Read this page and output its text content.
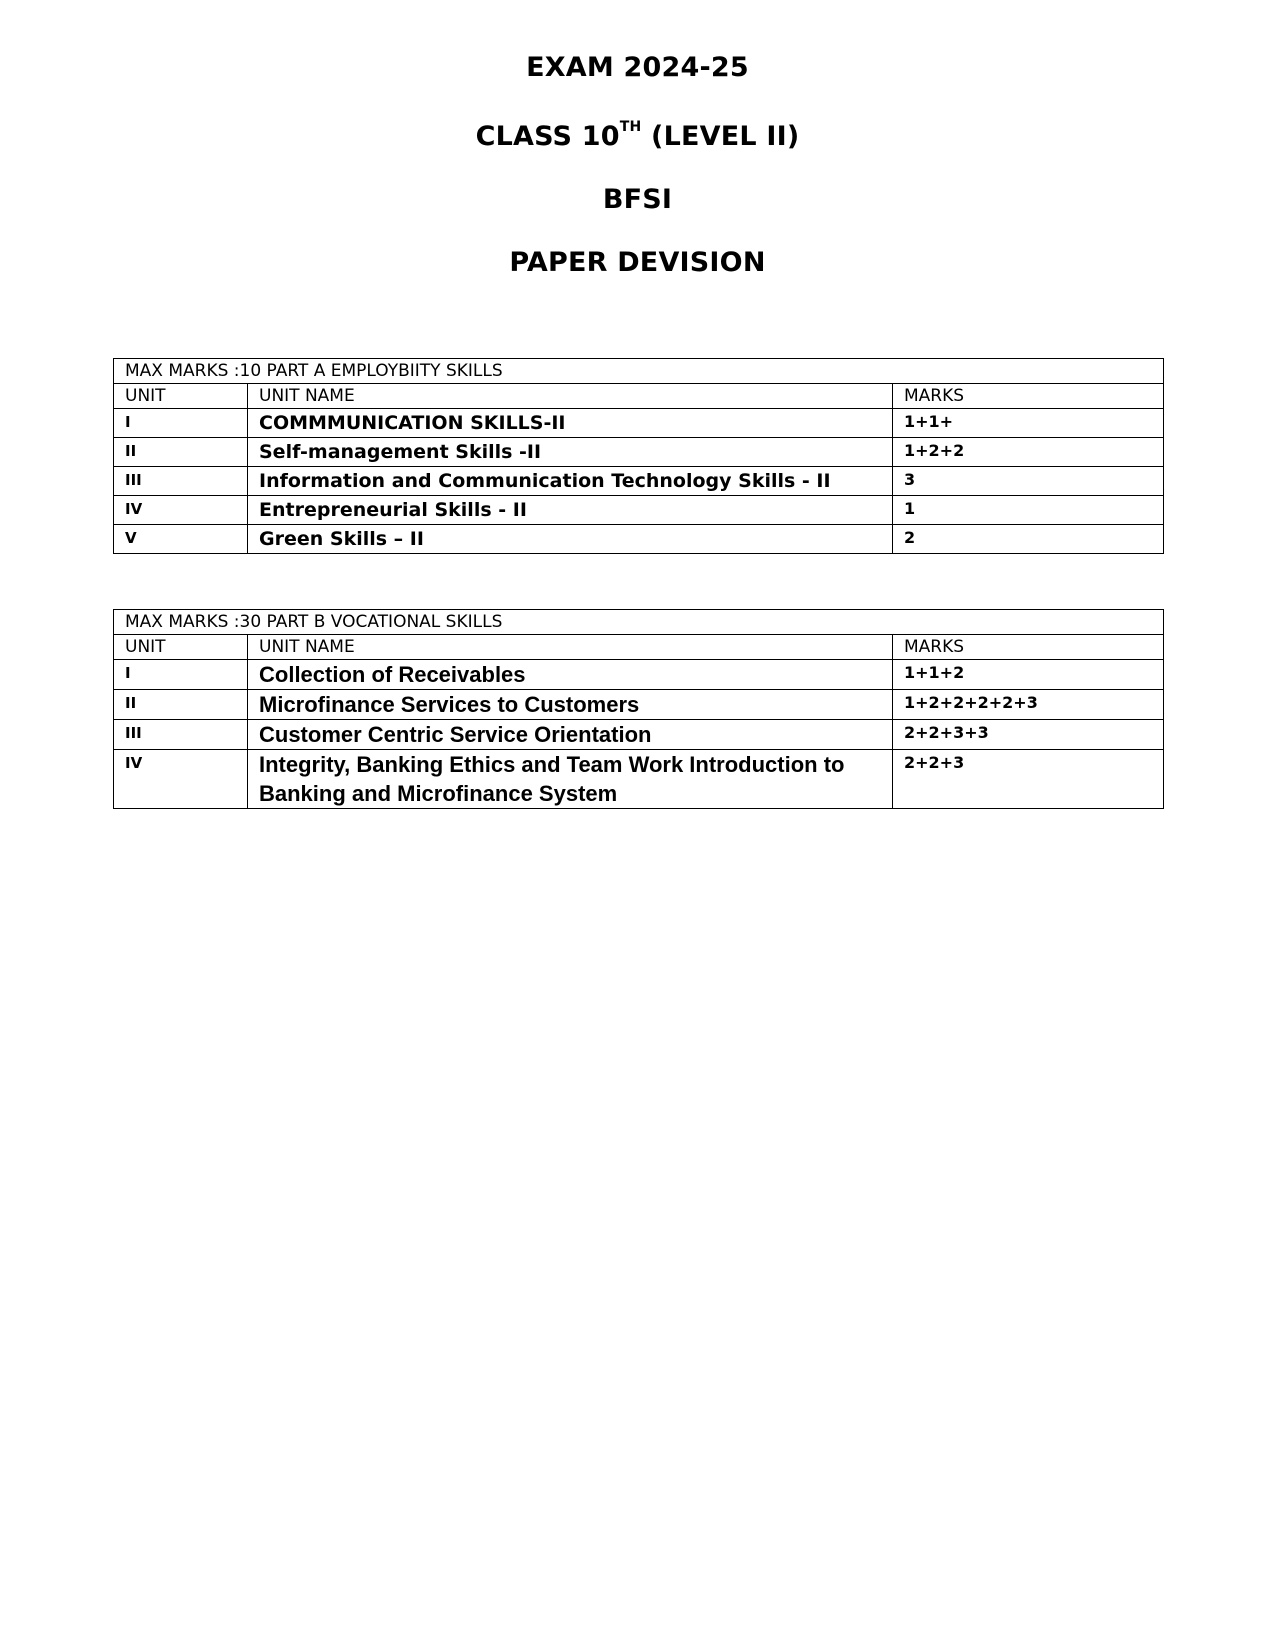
EXAM 2024-25
CLASS 10TH (LEVEL II)
BFSI
PAPER DEVISION
MAX MARKS :10 PART A EMPLOYBIITY SKILLS		
UNIT	UNIT NAME	MARKS
I	COMMMUNICATION SKILLS-II	1+1+
II	Self-management Skills -II	1+2+2
III	Information and Communication Technology Skills - II	3
IV	Entrepreneurial Skills - II	1
V	Green Skills – II	2
MAX MARKS :30 PART B VOCATIONAL SKILLS		
UNIT	UNIT NAME	MARKS
I	Collection of Receivables	1+1+2
II	Microfinance Services to Customers	1+2+2+2+2+3
III	Customer Centric Service Orientation	2+2+3+3
IV	Integrity, Banking Ethics and Team Work Introduction to Banking and Microfinance System	2+2+3
